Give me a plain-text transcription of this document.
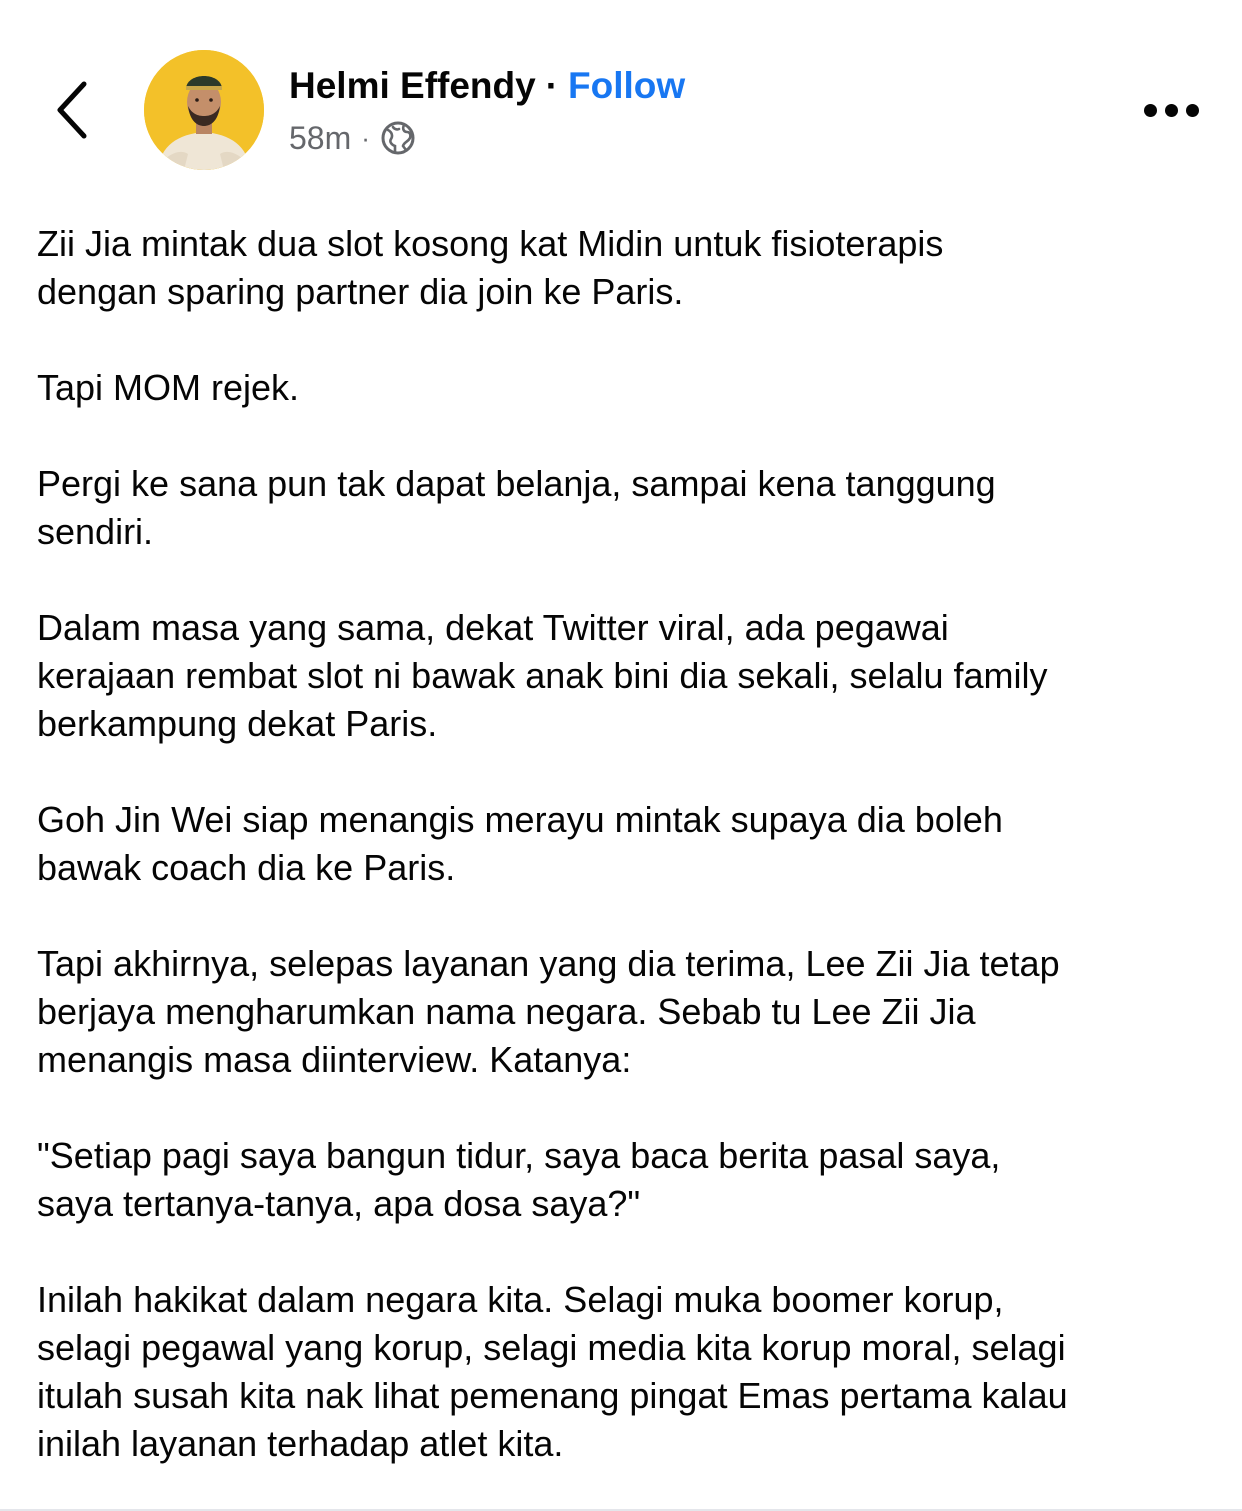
Helmi Effendy · Follow
58m ·

Zii Jia mintak dua slot kosong kat Midin untuk fisioterapis
dengan sparing partner dia join ke Paris.

Tapi MOM rejek.

Pergi ke sana pun tak dapat belanja, sampai kena tanggung
sendiri.

Dalam masa yang sama, dekat Twitter viral, ada pegawai
kerajaan rembat slot ni bawak anak bini dia sekali, selalu family
berkampung dekat Paris.

Goh Jin Wei siap menangis merayu mintak supaya dia boleh
bawak coach dia ke Paris.

Tapi akhirnya, selepas layanan yang dia terima, Lee Zii Jia tetap
berjaya mengharumkan nama negara. Sebab tu Lee Zii Jia
menangis masa diinterview. Katanya:

"Setiap pagi saya bangun tidur, saya baca berita pasal saya,
saya tertanya-tanya, apa dosa saya?"

Inilah hakikat dalam negara kita. Selagi muka boomer korup,
selagi pegawal yang korup, selagi media kita korup moral, selagi
itulah susah kita nak lihat pemenang pingat Emas pertama kalau
inilah layanan terhadap atlet kita.
